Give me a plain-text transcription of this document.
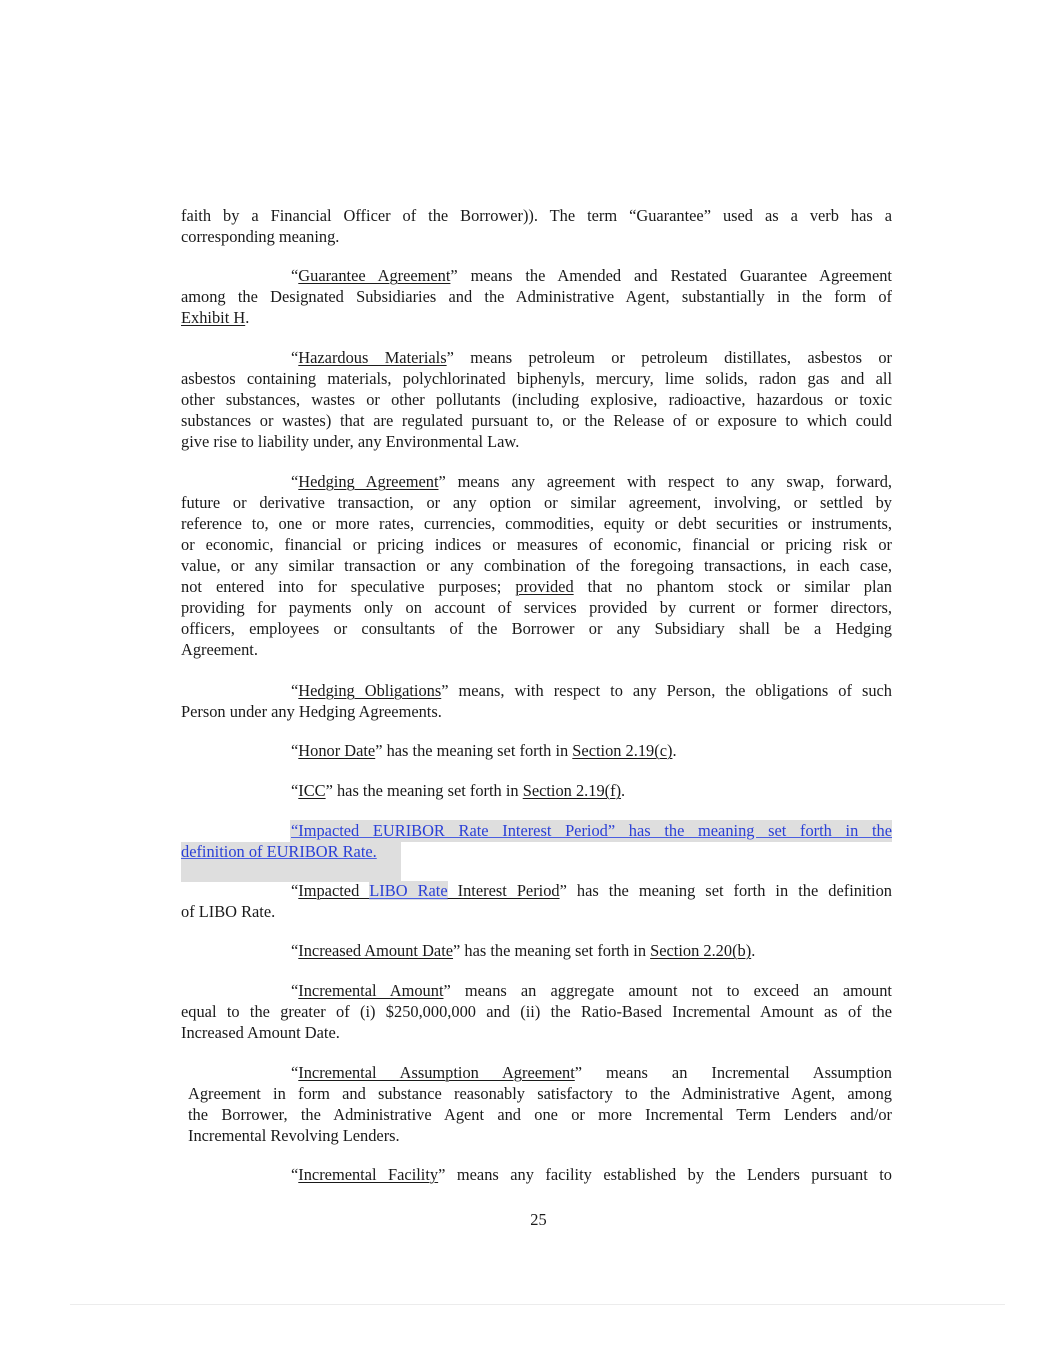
faith by a Financial Officer of the Borrower)). The term “Guarantee” used as a verb has a
corresponding meaning.
“Guarantee Agreement” means the Amended and Restated Guarantee Agreement
among the Designated Subsidiaries and the Administrative Agent, substantially in the form of
Exhibit H.
“Hazardous Materials” means petroleum or petroleum distillates, asbestos or
asbestos containing materials, polychlorinated biphenyls, mercury, lime solids, radon gas and all
other substances, wastes or other pollutants (including explosive, radioactive, hazardous or toxic
substances or wastes) that are regulated pursuant to, or the Release of or exposure to which could
give rise to liability under, any Environmental Law.
“Hedging Agreement” means any agreement with respect to any swap, forward,
future or derivative transaction, or any option or similar agreement, involving, or settled by
reference to, one or more rates, currencies, commodities, equity or debt securities or instruments,
or economic, financial or pricing indices or measures of economic, financial or pricing risk or
value, or any similar transaction or any combination of the foregoing transactions, in each case,
not entered into for speculative purposes; provided that no phantom stock or similar plan
providing for payments only on account of services provided by current or former directors,
officers, employees or consultants of the Borrower or any Subsidiary shall be a Hedging
Agreement.
“Hedging Obligations” means, with respect to any Person, the obligations of such
Person under any Hedging Agreements.
“Honor Date” has the meaning set forth in Section 2.19(c).
“ICC” has the meaning set forth in Section 2.19(f).
“Impacted EURIBOR Rate Interest Period” has the meaning set forth in the
definition of EURIBOR Rate.
“Impacted LIBO Rate Interest Period” has the meaning set forth in the definition
of LIBO Rate.
“Increased Amount Date” has the meaning set forth in Section 2.20(b).
“Incremental Amount” means an aggregate amount not to exceed an amount
equal to the greater of (i) $250,000,000 and (ii) the Ratio-Based Incremental Amount as of the
Increased Amount Date.
“Incremental Assumption Agreement” means an Incremental Assumption
Agreement in form and substance reasonably satisfactory to the Administrative Agent, among
the Borrower, the Administrative Agent and one or more Incremental Term Lenders and/or
Incremental Revolving Lenders.
“Incremental Facility” means any facility established by the Lenders pursuant to
25
